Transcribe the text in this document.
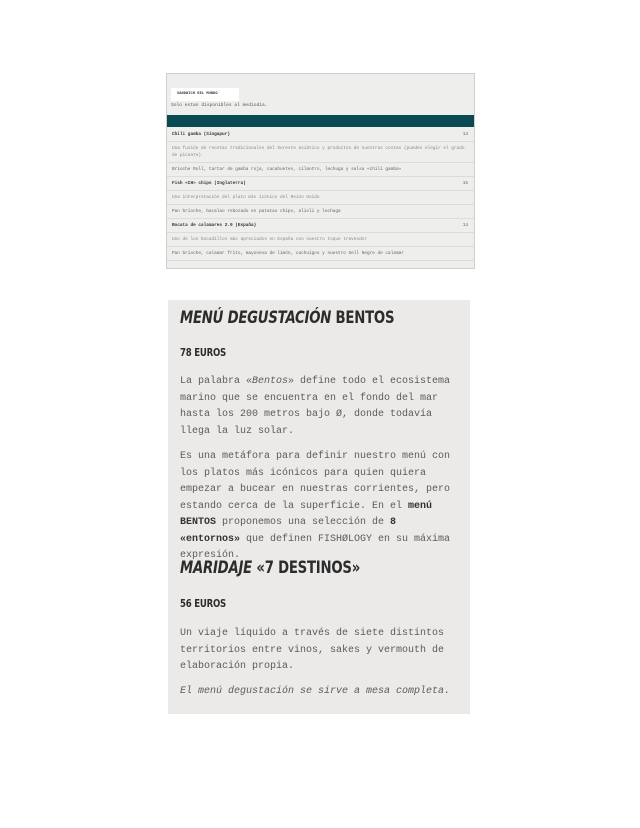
SANDWICH DEL MUNDO
Solo estan disponibles al mediodia.
Chili gamba (Singapur)	14
Una fusión de recetas tradicionales del Sureste asiático y productos de nuestras costas (puedes elegir el grado de picante)
Brioche Roll, tartar de gamba roja, cacahuetes, cilantro, lechuga y salsa «chili gamba»
Fish «CH» chips (Inglaterra)	15
Una interpretación del plato más icónico del Reino Unido
Pan brioche, bacalao rebozado en patatas chips, alioli y lechuga
Bocata de calamares 2.0 (España)	14
Uno de los bocadillos más apreciados en España con nuestro toque travesdor
Pan brioche, calamar frito, mayonesa de limón, cachuigos y nuestro Sell Negre de calamar
MENÚ DEGUSTACIÓN BENTOS
78 EUROS
La palabra «Bentos» define todo el ecosistema marino que se encuentra en el fondo del mar hasta los 200 metros bajo Ø, donde todavía llega la luz solar.
Es una metáfora para definir nuestro menú con los platos más icónicos para quien quiera empezar a bucear en nuestras corrientes, pero estando cerca de la superficie. En el menú BENTOS proponemos una selección de 8 «entornos» que definen FISHØLOGY en su máxima expresión.
MARIDAJE «7 DESTINOS»
56 EUROS
Un viaje líquido a través de siete distintos territorios entre vinos, sakes y vermouth de elaboración propia.
El menú degustación se sirve a mesa completa.
